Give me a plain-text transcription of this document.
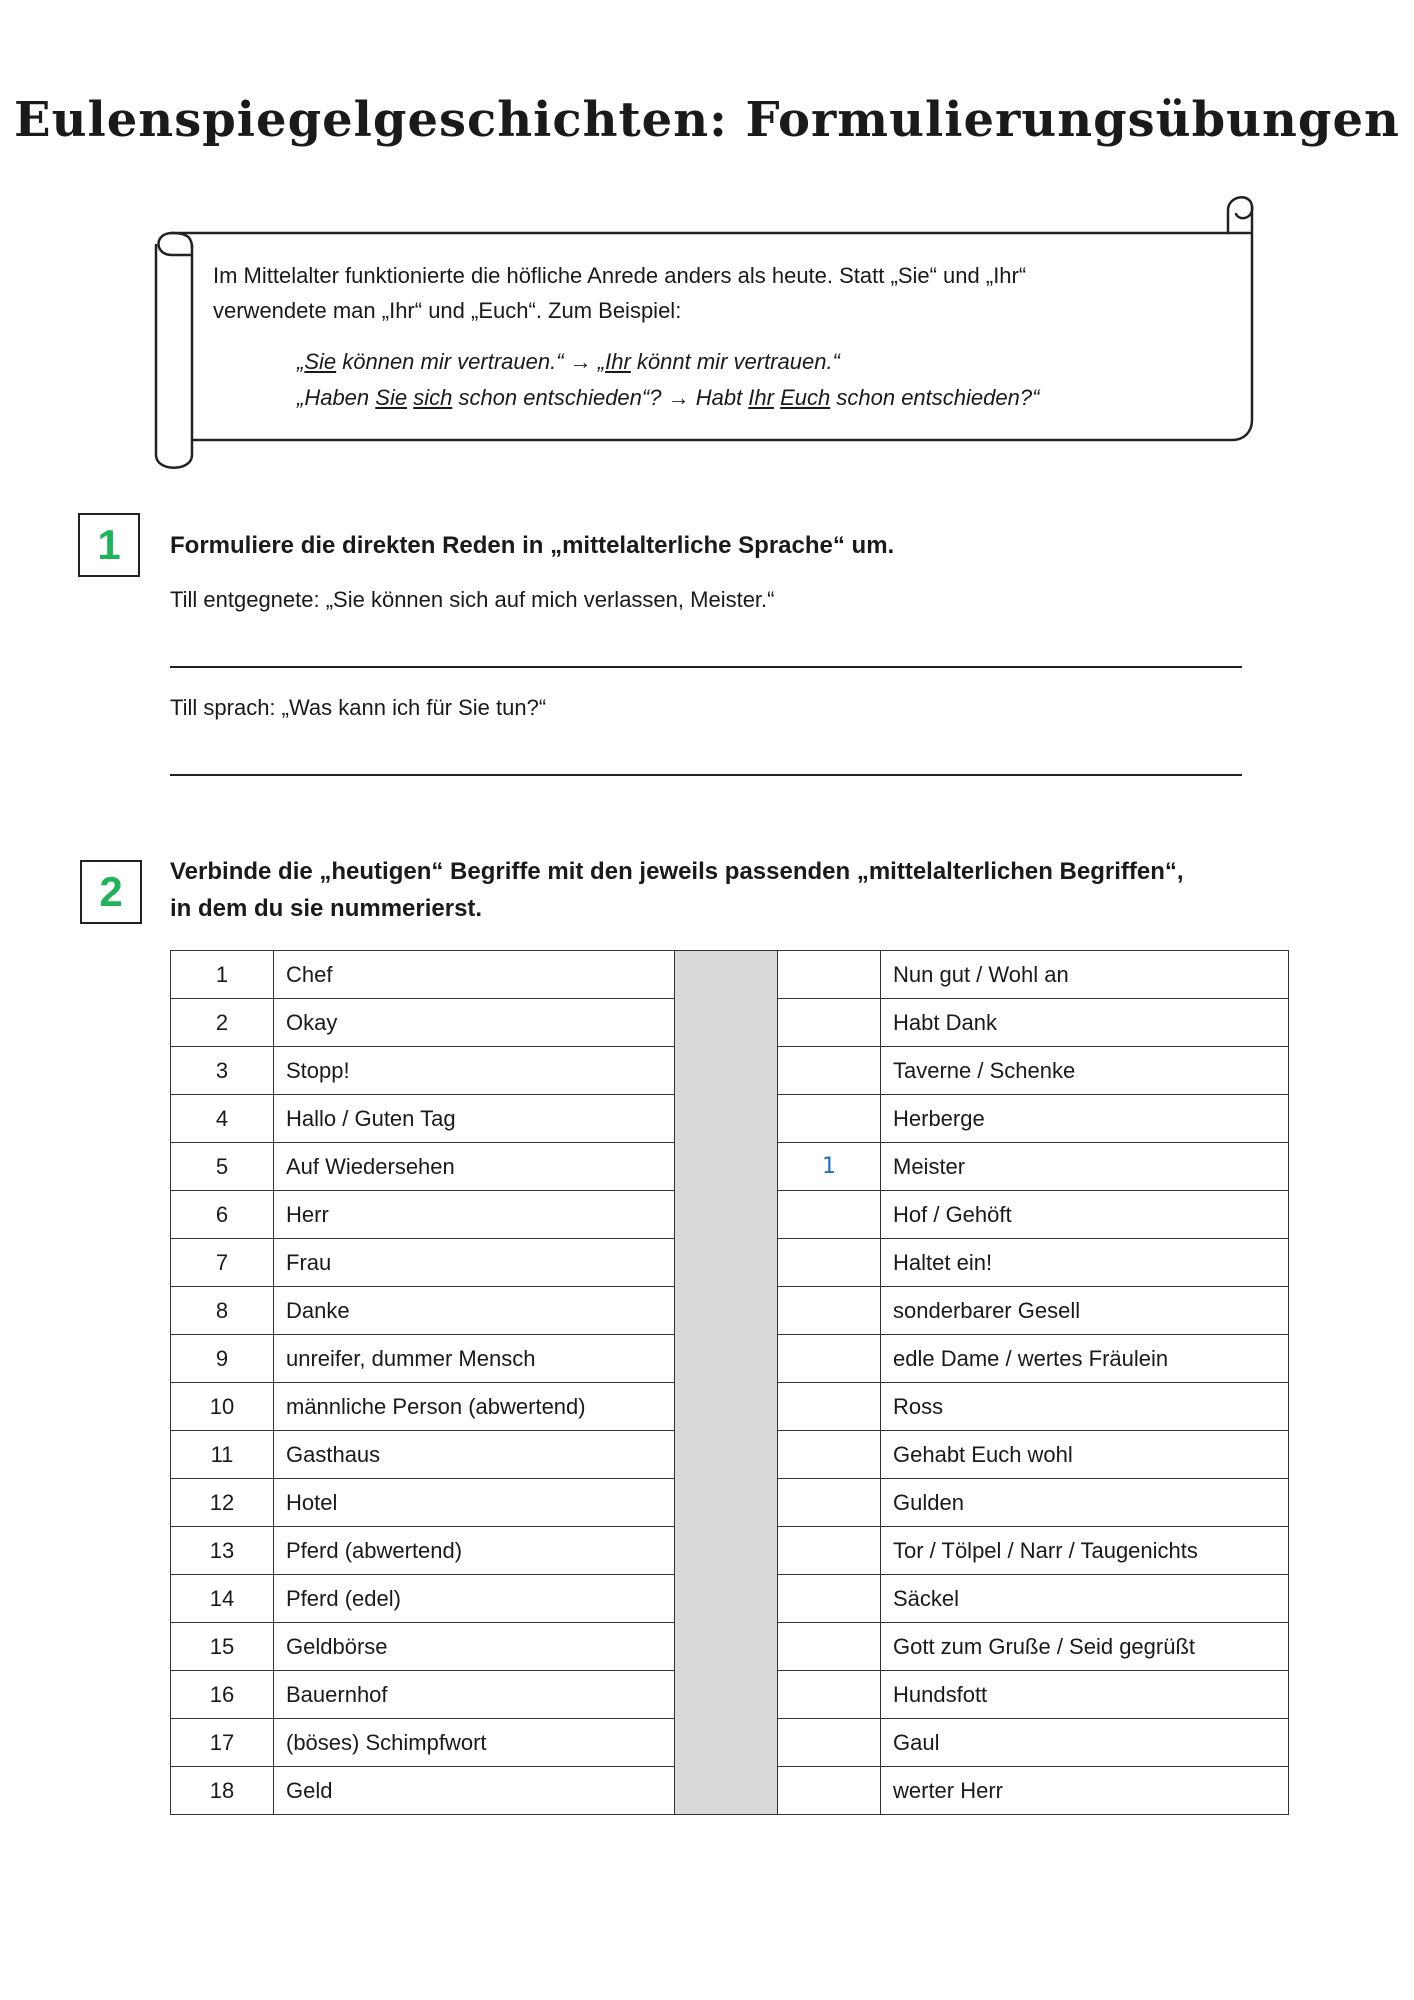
Eulenspiegelgeschichten: Formulierungsübungen
Im Mittelalter funktionierte die höfliche Anrede anders als heute. Statt „Sie“ und „Ihr“
verwendete man „Ihr“ und „Euch“. Zum Beispiel:
„Sie können mir vertrauen.“ → „Ihr könnt mir vertrauen.“
„Haben Sie sich schon entschieden“? → Habt Ihr Euch schon entschieden?“
1	Formuliere die direkten Reden in „mittelalterliche Sprache“ um.
Till entgegnete: „Sie können sich auf mich verlassen, Meister.“
Till sprach: „Was kann ich für Sie tun?“
2	Verbinde die „heutigen“ Begriffe mit den jeweils passenden „mittelalterlichen Begriffen“,
in dem du sie nummerierst.
1	Chef			Nun gut / Wohl an
2	Okay			Habt Dank
3	Stopp!			Taverne / Schenke
4	Hallo / Guten Tag			Herberge
5	Auf Wiedersehen		1	Meister
6	Herr			Hof / Gehöft
7	Frau			Haltet ein!
8	Danke			sonderbarer Gesell
9	unreifer, dummer Mensch			edle Dame / wertes Fräulein
10	männliche Person (abwertend)			Ross
11	Gasthaus			Gehabt Euch wohl
12	Hotel			Gulden
13	Pferd (abwertend)			Tor / Tölpel / Narr / Taugenichts
14	Pferd (edel)			Säckel
15	Geldbörse			Gott zum Gruße / Seid gegrüßt
16	Bauernhof			Hundsfott
17	(böses) Schimpfwort			Gaul
18	Geld			werter Herr
